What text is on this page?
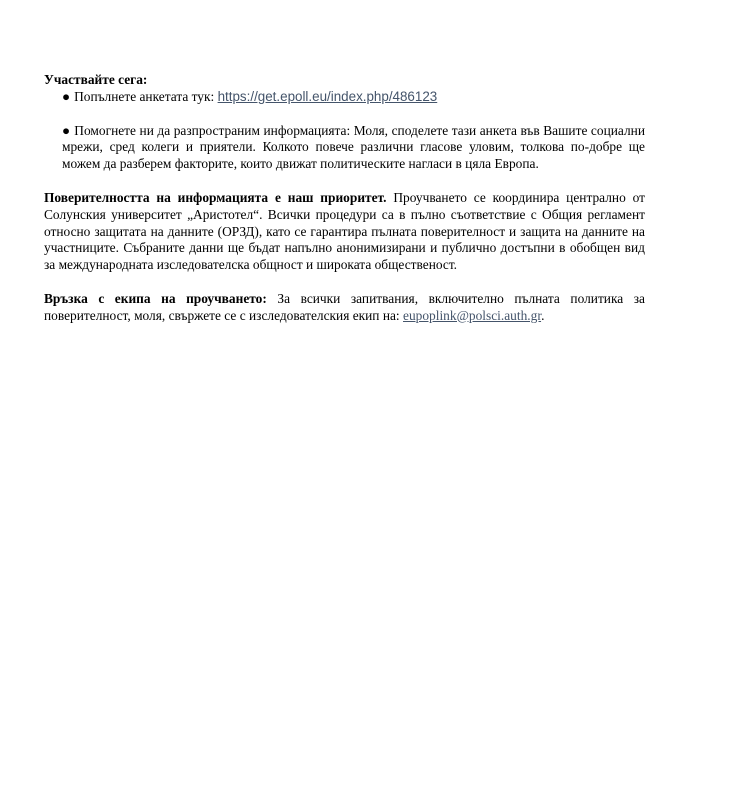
Участвайте сега:

● Попълнете анкетата тук: https://get.epoll.eu/index.php/486123

● Помогнете ни да разпространим информацията: Моля, споделете тази анкета във Вашите социални мрежи, сред колеги и приятели. Колкото повече различни гласове уловим, толкова по-добре ще можем да разберем факторите, които движат политическите нагласи в цяла Европа.

Поверителността на информацията е наш приоритет. Проучването се координира централно от Солунския университет „Аристотел“. Всички процедури са в пълно съответствие с Общия регламент относно защитата на данните (ОРЗД), като се гарантира пълната поверителност и защита на данните на участниците. Събраните данни ще бъдат напълно анонимизирани и публично достъпни в обобщен вид за международната изследователска общност и широката общественост.

Връзка с екипа на проучването: За всички запитвания, включително пълната политика за поверителност, моля, свържете се с изследователския екип на: eupoplink@polsci.auth.gr.
